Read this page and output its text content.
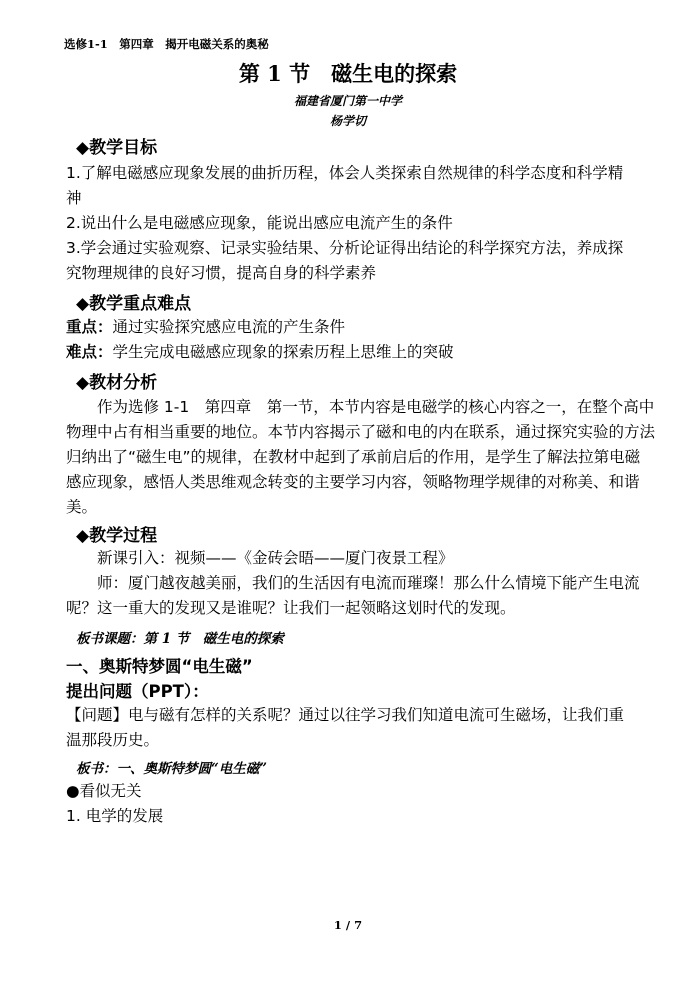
选修1-1　第四章　揭开电磁关系的奥秘
第 1 节　磁生电的探索
福建省厦门第一中学
杨学切
◆教学目标
1.了解电磁感应现象发展的曲折历程，体会人类探索自然规律的科学态度和科学精
神
2.说出什么是电磁感应现象，能说出感应电流产生的条件
3.学会通过实验观察、记录实验结果、分析论证得出结论的科学探究方法，养成探
究物理规律的良好习惯，提高自身的科学素养
◆教学重点难点
重点：通过实验探究感应电流的产生条件
难点：学生完成电磁感应现象的探索历程上思维上的突破
◆教材分析
作为选修 1-1　第四章　第一节，本节内容是电磁学的核心内容之一，在整个高中
物理中占有相当重要的地位。本节内容揭示了磁和电的内在联系，通过探究实验的方法
归纳出了“磁生电”的规律，在教材中起到了承前启后的作用，是学生了解法拉第电磁
感应现象，感悟人类思维观念转变的主要学习内容，领略物理学规律的对称美、和谐
美。
◆教学过程
新课引入：视频——《金砖会晤——厦门夜景工程》
师：厦门越夜越美丽，我们的生活因有电流而璀璨！那么什么情境下能产生电流
呢？这一重大的发现又是谁呢？让我们一起领略这划时代的发现。
板书课题：第 1 节　磁生电的探索
一、奥斯特梦圆“电生磁”
提出问题（PPT）：
【问题】电与磁有怎样的关系呢？通过以往学习我们知道电流可生磁场，让我们重
温那段历史。
板书：一、奥斯特梦圆“电生磁”
●看似无关
1. 电学的发展
1 / 7
